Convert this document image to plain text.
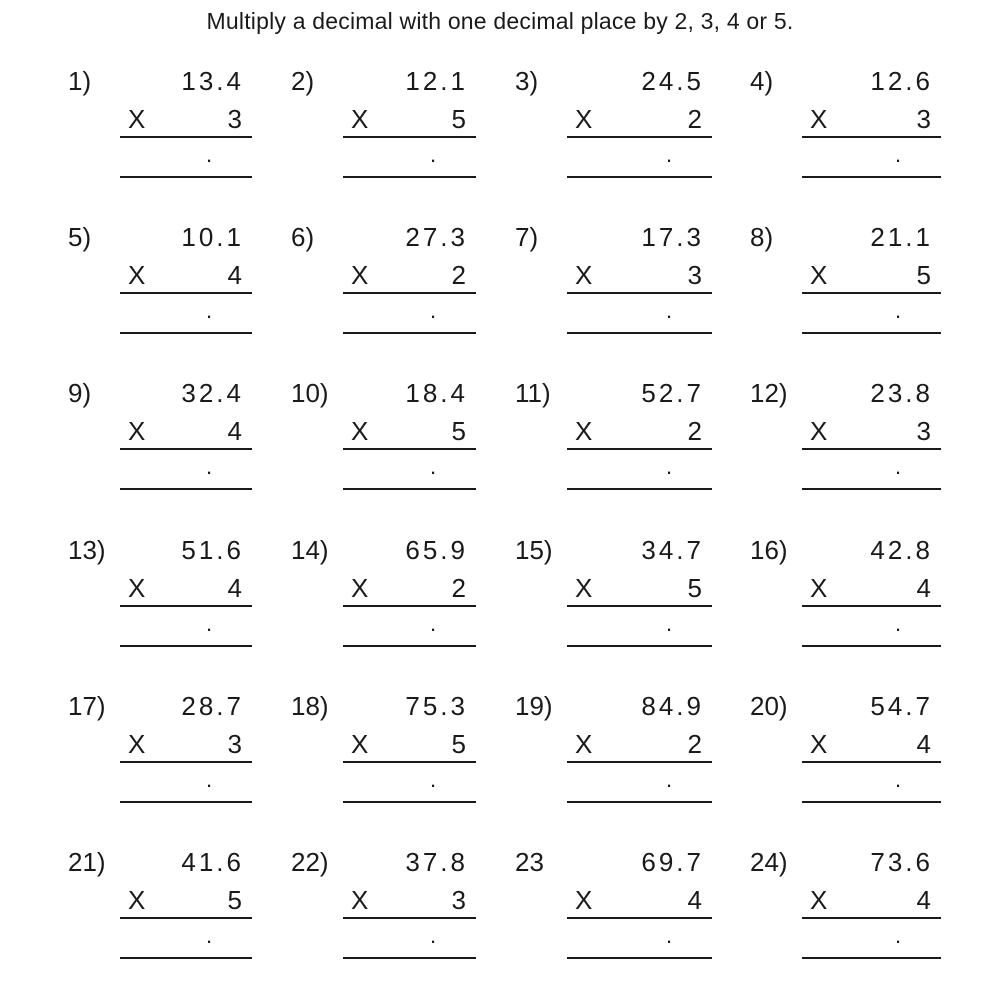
Multiply a decimal with one decimal place by 2, 3, 4 or 5.
1)	13.4
X	3
.
2)	12.1
X	5
.
3)	24.5
X	2
.
4)	12.6
X	3
.
5)	10.1
X	4
.
6)	27.3
X	2
.
7)	17.3
X	3
.
8)	21.1
X	5
.
9)	32.4
X	4
.
10)	18.4
X	5
.
11)	52.7
X	2
.
12)	23.8
X	3
.
13)	51.6
X	4
.
14)	65.9
X	2
.
15)	34.7
X	5
.
16)	42.8
X	4
.
17)	28.7
X	3
.
18)	75.3
X	5
.
19)	84.9
X	2
.
20)	54.7
X	4
.
21)	41.6
X	5
.
22)	37.8
X	3
.
23	69.7
X	4
.
24)	73.6
X	4
.
